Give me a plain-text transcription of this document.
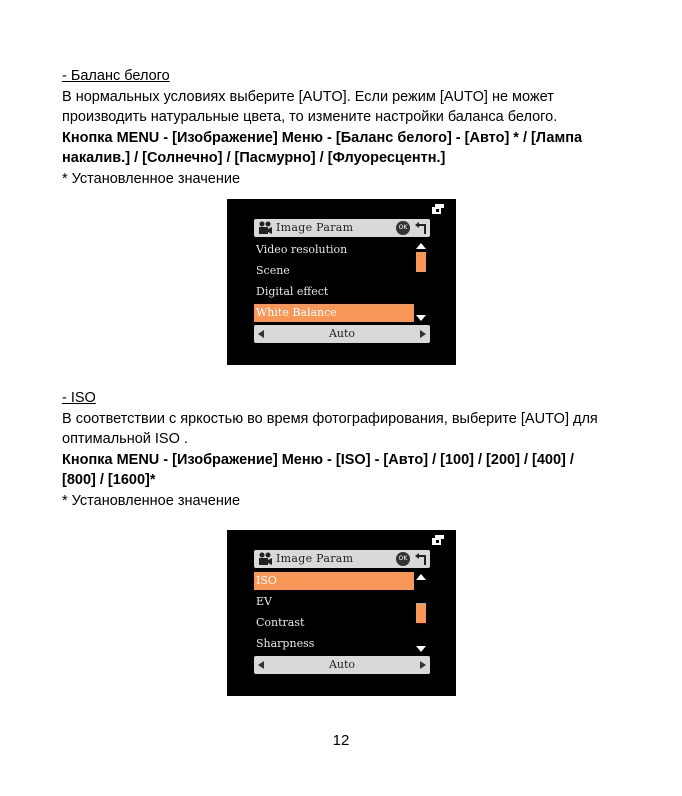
- Баланс белого

В нормальных условиях выберите [AUTO]. Если режим [AUTO] не может

производить натуральные цвета, то измените настройки баланса белого.

Кнопка MENU - [Изображение] Меню - [Баланс белого] - [Авто] * / [Лампа

накалив.] / [Солнечно] / [Пасмурно] / [Флуоресцентн.]

* Установленное значение

Image Param	OK
Video resolution
Scene
Digital effect
White Balance
Auto

- ISO

В соответствии с яркостью во время фотографирования, выберите [AUTO] для

оптимальной ISO .

Кнопка MENU - [Изображение] Меню - [ISO] - [Авто] / [100] / [200] / [400] /

[800] / [1600]*

* Установленное значение

Image Param	OK
ISO
EV
Contrast
Sharpness
Auto
12
